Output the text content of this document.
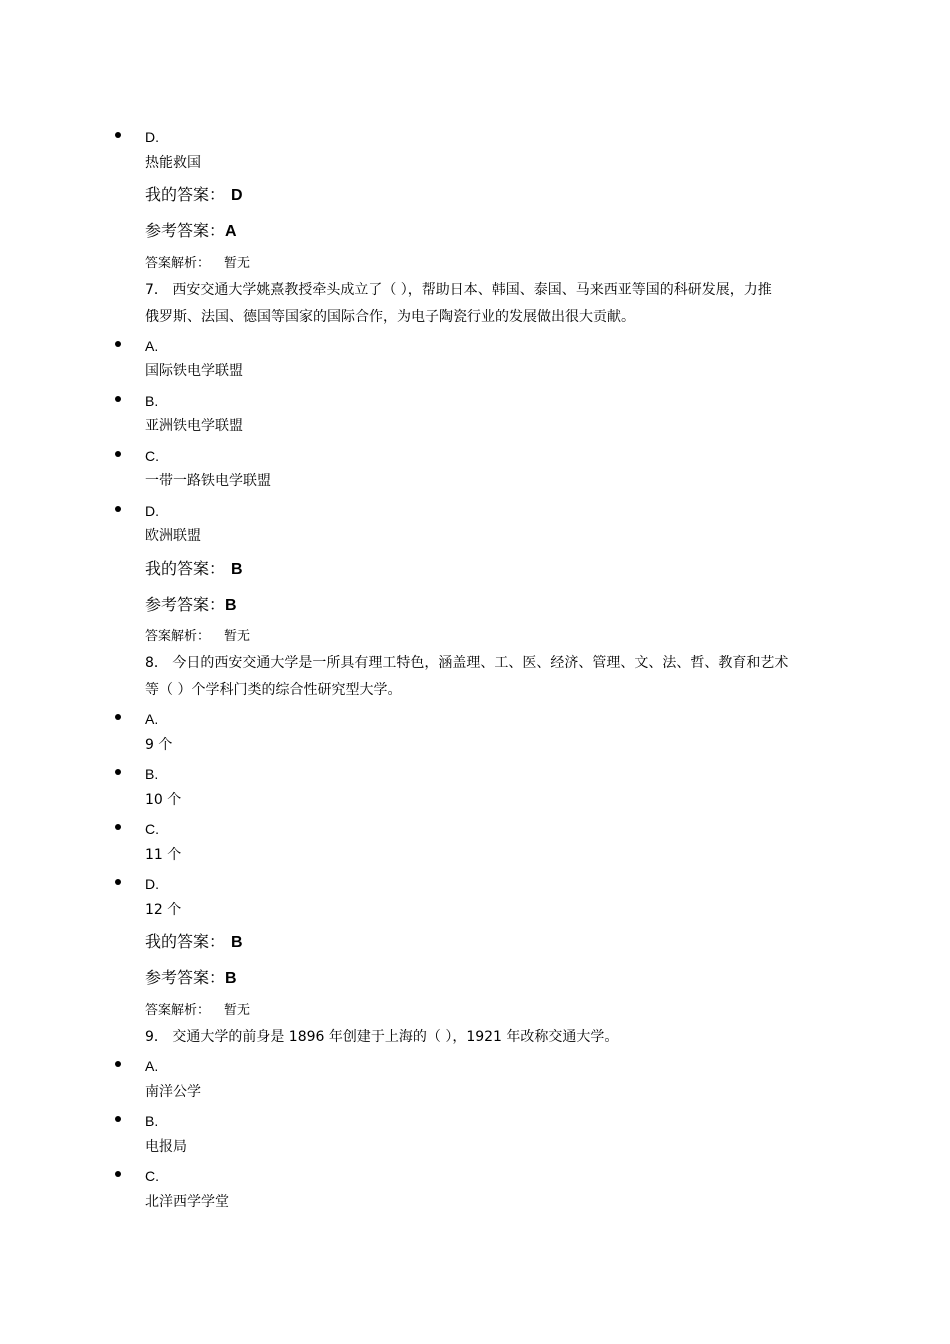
D.
热能救国
我的答案： D
参考答案：A
答案解析： 暂无
7． 西安交通大学姚熹教授牵头成立了（ ），帮助日本、韩国、泰国、马来西亚等国的科研发展，力推
俄罗斯、法国、德国等国家的国际合作，为电子陶瓷行业的发展做出很大贡献。
A.
国际铁电学联盟
B.
亚洲铁电学联盟
C.
一带一路铁电学联盟
D.
欧洲联盟
我的答案： B
参考答案：B
答案解析： 暂无
8． 今日的西安交通大学是一所具有理工特色，涵盖理、工、医、经济、管理、文、法、哲、教育和艺术
等（ ）个学科门类的综合性研究型大学。
A.
9 个
B.
10 个
C.
11 个
D.
12 个
我的答案： B
参考答案：B
答案解析： 暂无
9． 交通大学的前身是 1896 年创建于上海的（ ），1921 年改称交通大学。
A.
南洋公学
B.
电报局
C.
北洋西学学堂
